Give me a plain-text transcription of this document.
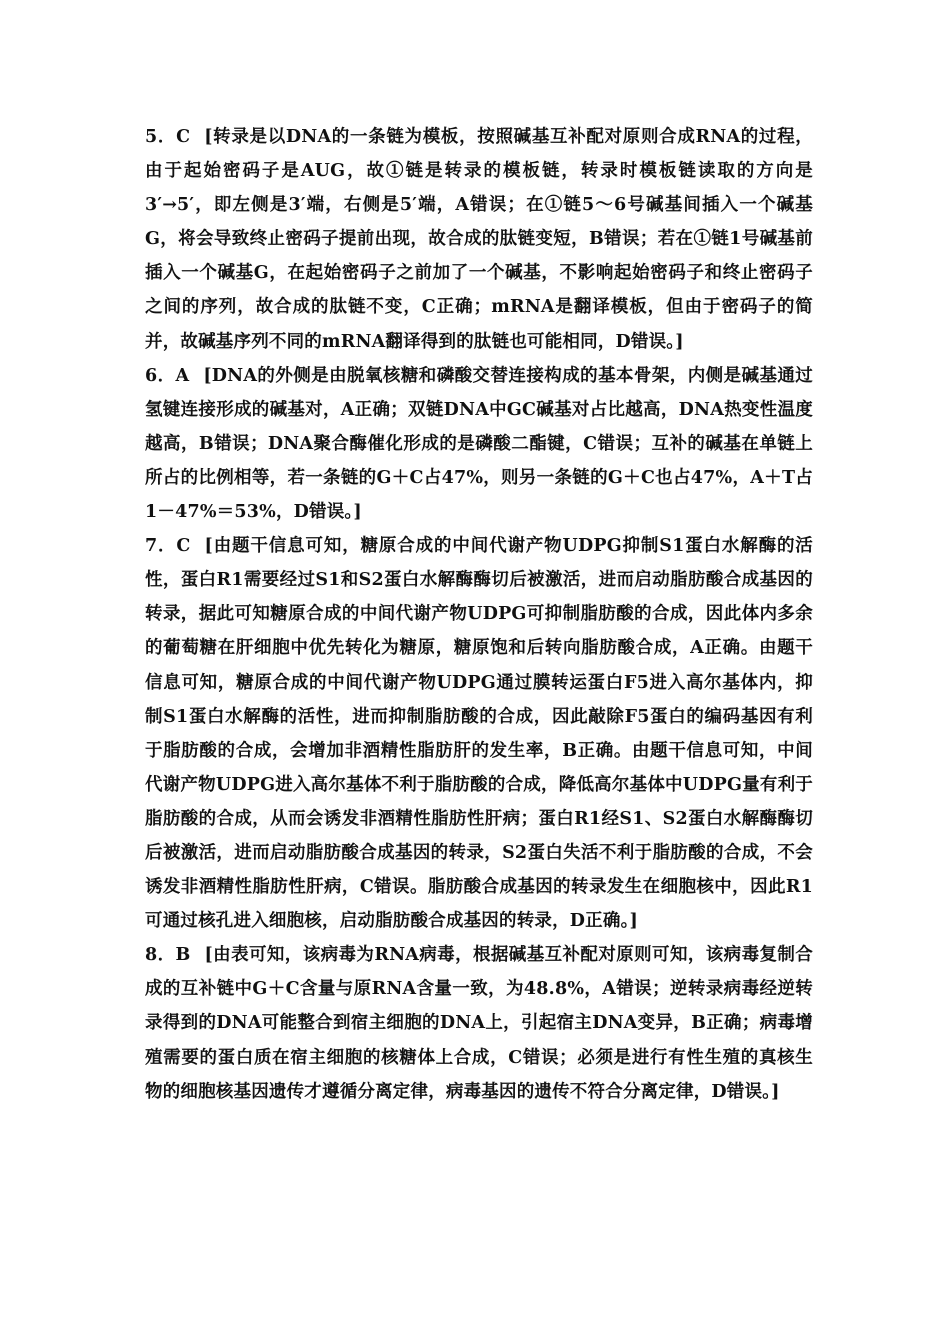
5．C [转录是以DNA的一条链为模板，按照碱基互补配对原则合成RNA的过程，由于起始密码子是AUG，故①链是转录的模板链，转录时模板链读取的方向是3′→5′，即左侧是3′端，右侧是5′端，A错误；在①链5～6号碱基间插入一个碱基G，将会导致终止密码子提前出现，故合成的肽链变短，B错误；若在①链1号碱基前插入一个碱基G，在起始密码子之前加了一个碱基，不影响起始密码子和终止密码子之间的序列，故合成的肽链不变，C正确；mRNA是翻译模板，但由于密码子的简并，故碱基序列不同的mRNA翻译得到的肽链也可能相同，D错误。]

6．A [DNA的外侧是由脱氧核糖和磷酸交替连接构成的基本骨架，内侧是碱基通过氢键连接形成的碱基对，A正确；双链DNA中GC碱基对占比越高，DNA热变性温度越高，B错误；DNA聚合酶催化形成的是磷酸二酯键，C错误；互补的碱基在单链上所占的比例相等，若一条链的G＋C占47%，则另一条链的G＋C也占47%，A＋T占1－47%＝53%，D错误。]

7．C [由题干信息可知，糖原合成的中间代谢产物UDPG抑制S1蛋白水解酶的活性，蛋白R1需要经过S1和S2蛋白水解酶酶切后被激活，进而启动脂肪酸合成基因的转录，据此可知糖原合成的中间代谢产物UDPG可抑制脂肪酸的合成，因此体内多余的葡萄糖在肝细胞中优先转化为糖原，糖原饱和后转向脂肪酸合成，A正确。由题干信息可知，糖原合成的中间代谢产物UDPG通过膜转运蛋白F5进入高尔基体内，抑制S1蛋白水解酶的活性，进而抑制脂肪酸的合成，因此敲除F5蛋白的编码基因有利于脂肪酸的合成，会增加非酒精性脂肪肝的发生率，B正确。由题干信息可知，中间代谢产物UDPG进入高尔基体不利于脂肪酸的合成，降低高尔基体中UDPG量有利于脂肪酸的合成，从而会诱发非酒精性脂肪性肝病；蛋白R1经S1、S2蛋白水解酶酶切后被激活，进而启动脂肪酸合成基因的转录，S2蛋白失活不利于脂肪酸的合成，不会诱发非酒精性脂肪性肝病，C错误。脂肪酸合成基因的转录发生在细胞核中，因此R1可通过核孔进入细胞核，启动脂肪酸合成基因的转录，D正确。]

8．B [由表可知，该病毒为RNA病毒，根据碱基互补配对原则可知，该病毒复制合成的互补链中G＋C含量与原RNA含量一致，为48.8%，A错误；逆转录病毒经逆转录得到的DNA可能整合到宿主细胞的DNA上，引起宿主DNA变异，B正确；病毒增殖需要的蛋白质在宿主细胞的核糖体上合成，C错误；必须是进行有性生殖的真核生物的细胞核基因遗传才遵循分离定律，病毒基因的遗传不符合分离定律，D错误。]
